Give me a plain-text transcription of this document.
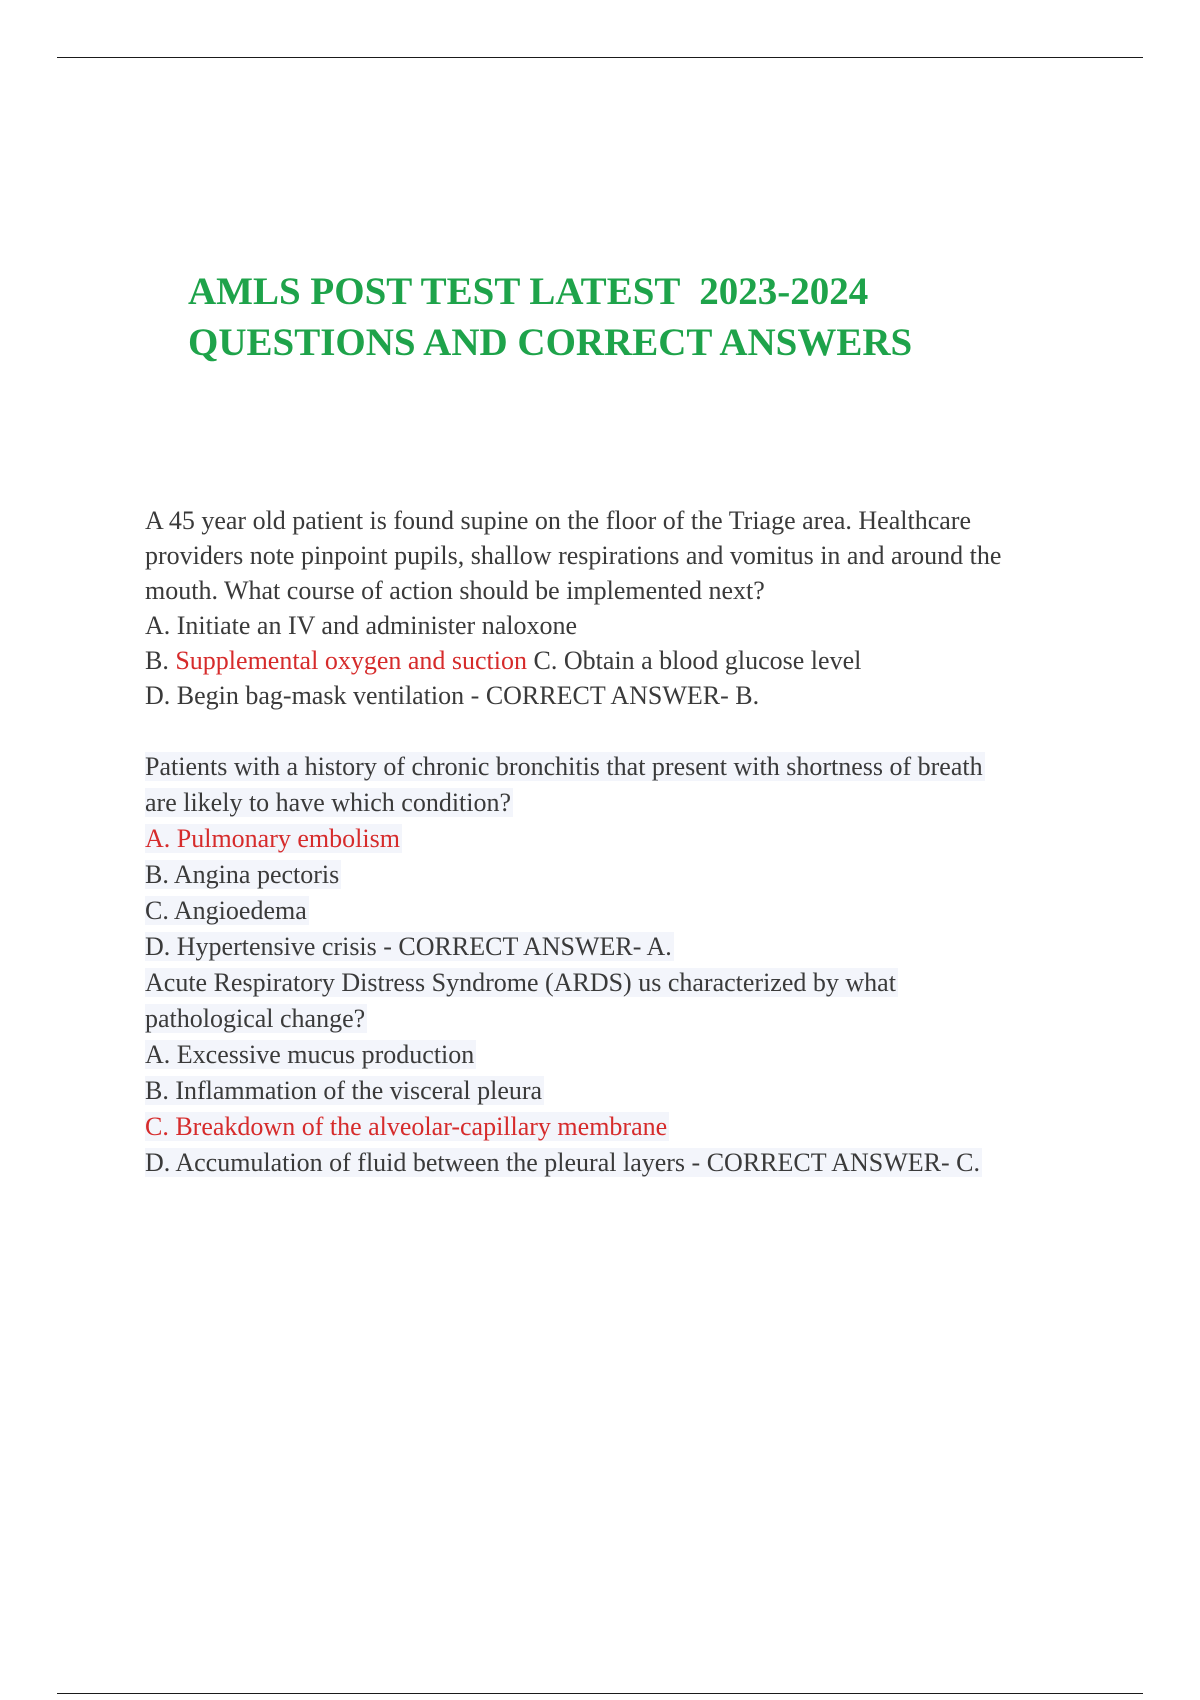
AMLS POST TEST LATEST  2023-2024
QUESTIONS AND CORRECT ANSWERS
A 45 year old patient is found supine on the floor of the Triage area. Healthcare
providers note pinpoint pupils, shallow respirations and vomitus in and around the
mouth. What course of action should be implemented next?
A. Initiate an IV and administer naloxone
B. Supplemental oxygen and suction C. Obtain a blood glucose level
D. Begin bag-mask ventilation - CORRECT ANSWER- B.
Patients with a history of chronic bronchitis that present with shortness of breath
are likely to have which condition?
A. Pulmonary embolism
B. Angina pectoris
C. Angioedema
D. Hypertensive crisis - CORRECT ANSWER- A.
Acute Respiratory Distress Syndrome (ARDS) us characterized by what
pathological change?
A. Excessive mucus production
B. Inflammation of the visceral pleura
C. Breakdown of the alveolar-capillary membrane
D. Accumulation of fluid between the pleural layers - CORRECT ANSWER- C.
